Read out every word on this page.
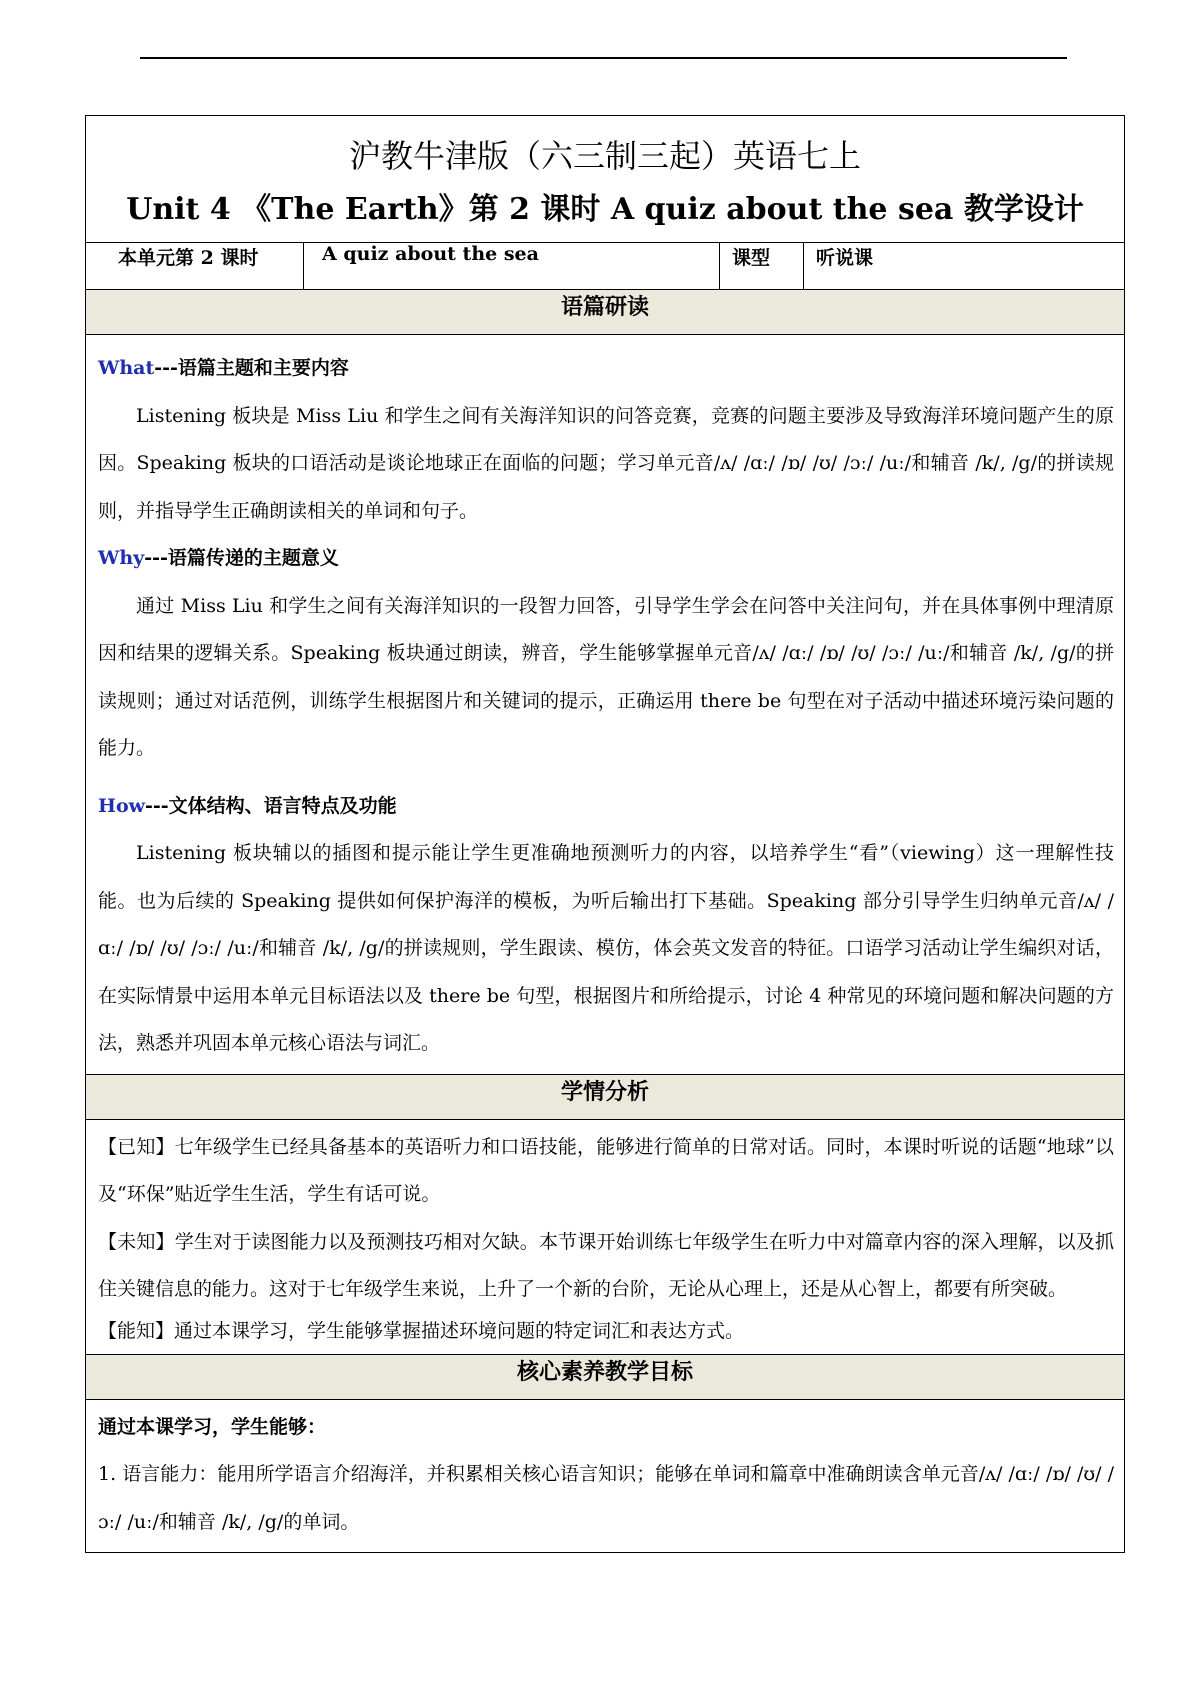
沪教牛津版（六三制三起）英语七上
Unit 4 《The Earth》第 2 课时 A quiz about the sea 教学设计

本单元第 2 课时	A quiz about the sea	课型	听说课
语篇研读

What---语篇主题和主要内容

Listening 板块是 Miss Liu 和学生之间有关海洋知识的问答竞赛，竞赛的问题主要涉及导致海洋环境问题产生的原因。Speaking 板块的口语活动是谈论地球正在面临的问题；学习单元音/ʌ/ /ɑː/ /ɒ/ /ʊ/ /ɔː/ /uː/和辅音 /k/, /g/的拼读规则，并指导学生正确朗读相关的单词和句子。

Why---语篇传递的主题意义

通过 Miss Liu 和学生之间有关海洋知识的一段智力回答，引导学生学会在问答中关注问句，并在具体事例中理清原因和结果的逻辑关系。Speaking 板块通过朗读，辨音，学生能够掌握单元音/ʌ/ /ɑː/ /ɒ/ /ʊ/ /ɔː/ /uː/和辅音 /k/, /g/的拼读规则；通过对话范例，训练学生根据图片和关键词的提示，正确运用 there be 句型在对子活动中描述环境污染问题的能力。

How---文体结构、语言特点及功能

Listening 板块辅以的插图和提示能让学生更准确地预测听力的内容，以培养学生“看”（viewing）这一理解性技能。也为后续的 Speaking 提供如何保护海洋的模板，为听后输出打下基础。Speaking 部分引导学生归纳单元音/ʌ/ /ɑː/ /ɒ/ /ʊ/ /ɔː/ /uː/和辅音 /k/, /g/的拼读规则，学生跟读、模仿，体会英文发音的特征。口语学习活动让学生编织对话，在实际情景中运用本单元目标语法以及 there be 句型，根据图片和所给提示，讨论 4 种常见的环境问题和解决问题的方法，熟悉并巩固本单元核心语法与词汇。

学情分析

【已知】七年级学生已经具备基本的英语听力和口语技能，能够进行简单的日常对话。同时，本课时听说的话题“地球”以及“环保”贴近学生生活，学生有话可说。

【未知】学生对于读图能力以及预测技巧相对欠缺。本节课开始训练七年级学生在听力中对篇章内容的深入理解，以及抓住关键信息的能力。这对于七年级学生来说，上升了一个新的台阶，无论从心理上，还是从心智上，都要有所突破。

【能知】通过本课学习，学生能够掌握描述环境问题的特定词汇和表达方式。

核心素养教学目标

通过本课学习，学生能够：

1. 语言能力：能用所学语言介绍海洋，并积累相关核心语言知识；能够在单词和篇章中准确朗读含单元音/ʌ/ /ɑː/ /ɒ/ /ʊ/ /ɔː/ /uː/和辅音 /k/, /g/的单词。
